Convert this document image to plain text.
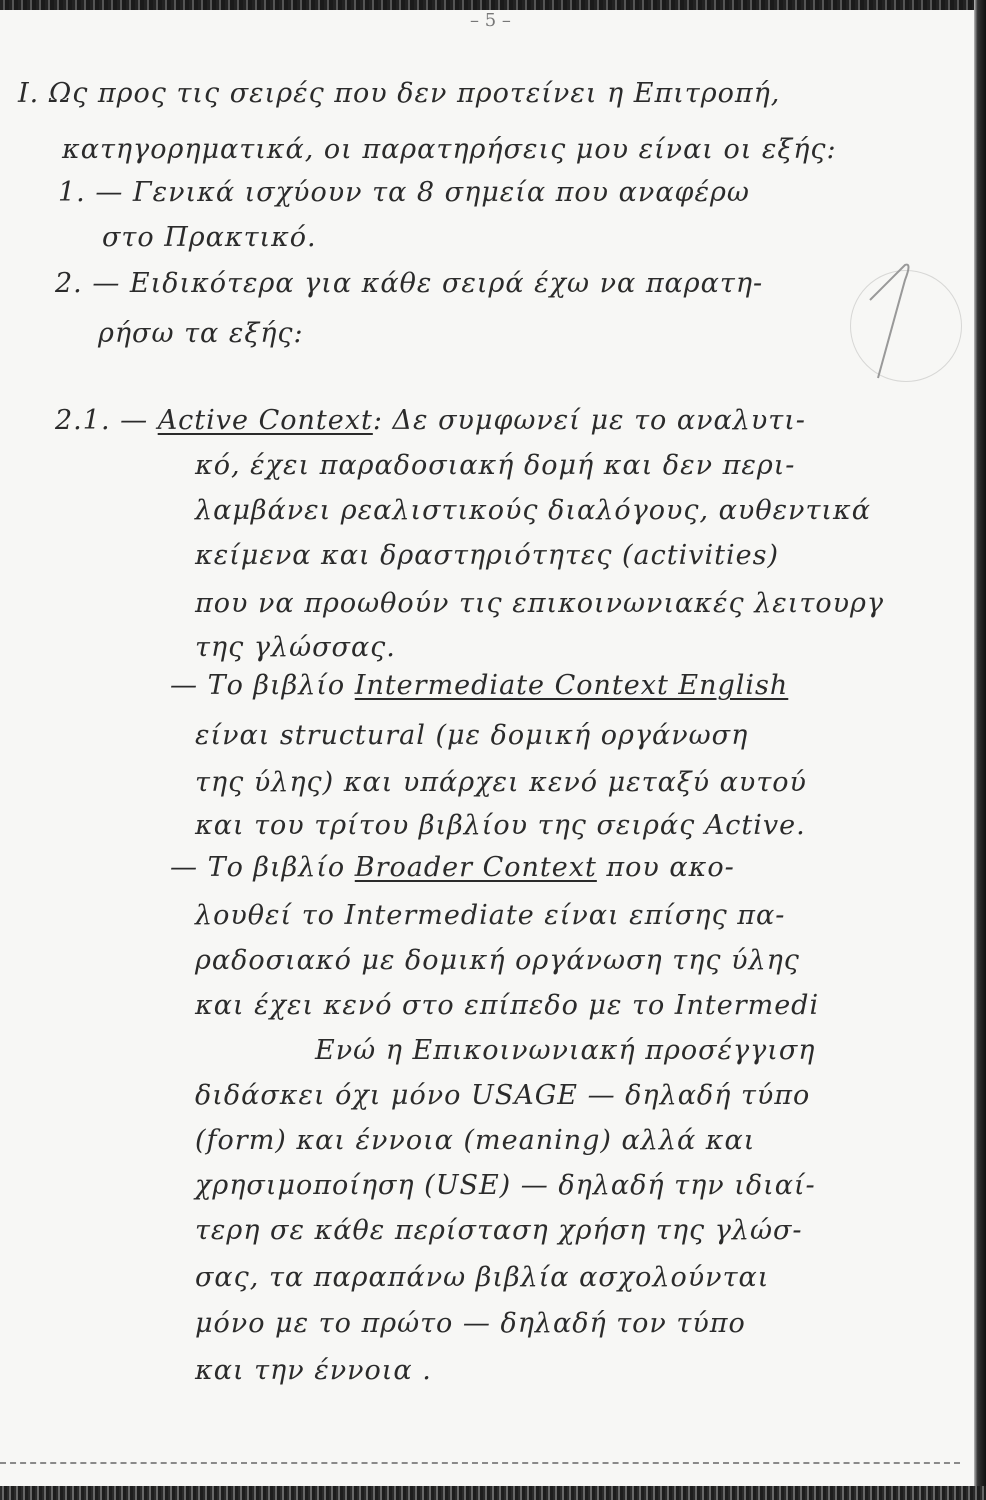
– 5 –

Ι. Ως προς τις σειρές που δεν προτείνει η Επιτροπή,

κατηγορηματικά, οι παρατηρήσεις μου είναι οι εξής:

1. — Γενικά ισχύουν τα 8 σημεία που αναφέρω

στο Πρακτικό.

2. — Ειδικότερα για κάθε σειρά έχω να παρατη-

ρήσω τα εξής:

2.1. — Active Context: Δε συμφωνεί με το αναλυτι-

κό, έχει παραδοσιακή δομή και δεν περι-

λαμβάνει ρεαλιστικούς διαλόγους, αυθεντικά

κείμενα και δραστηριότητες (activities)

που να προωθούν τις επικοινωνιακές λειτουργ

της γλώσσας.

— Το βιβλίο Intermediate Context English

είναι structural (με δομική οργάνωση

της ύλης) και υπάρχει κενό μεταξύ αυτού

και του τρίτου βιβλίου της σειράς Active.

— Το βιβλίο Broader Context που ακο-

λουθεί το Intermediate είναι επίσης πα-

ραδοσιακό με δομική οργάνωση της ύλης

και έχει κενό στο επίπεδο με το Intermedi

Ενώ η Επικοινωνιακή προσέγγιση

διδάσκει όχι μόνο USAGE — δηλαδή τύπο

(form) και έννοια (meaning) αλλά και

χρησιμοποίηση (USE) — δηλαδή την ιδιαί-

τερη σε κάθε περίσταση χρήση της γλώσ-

σας, τα παραπάνω βιβλία ασχολούνται

μόνο με το πρώτο — δηλαδή τον τύπο

και την έννοια .
